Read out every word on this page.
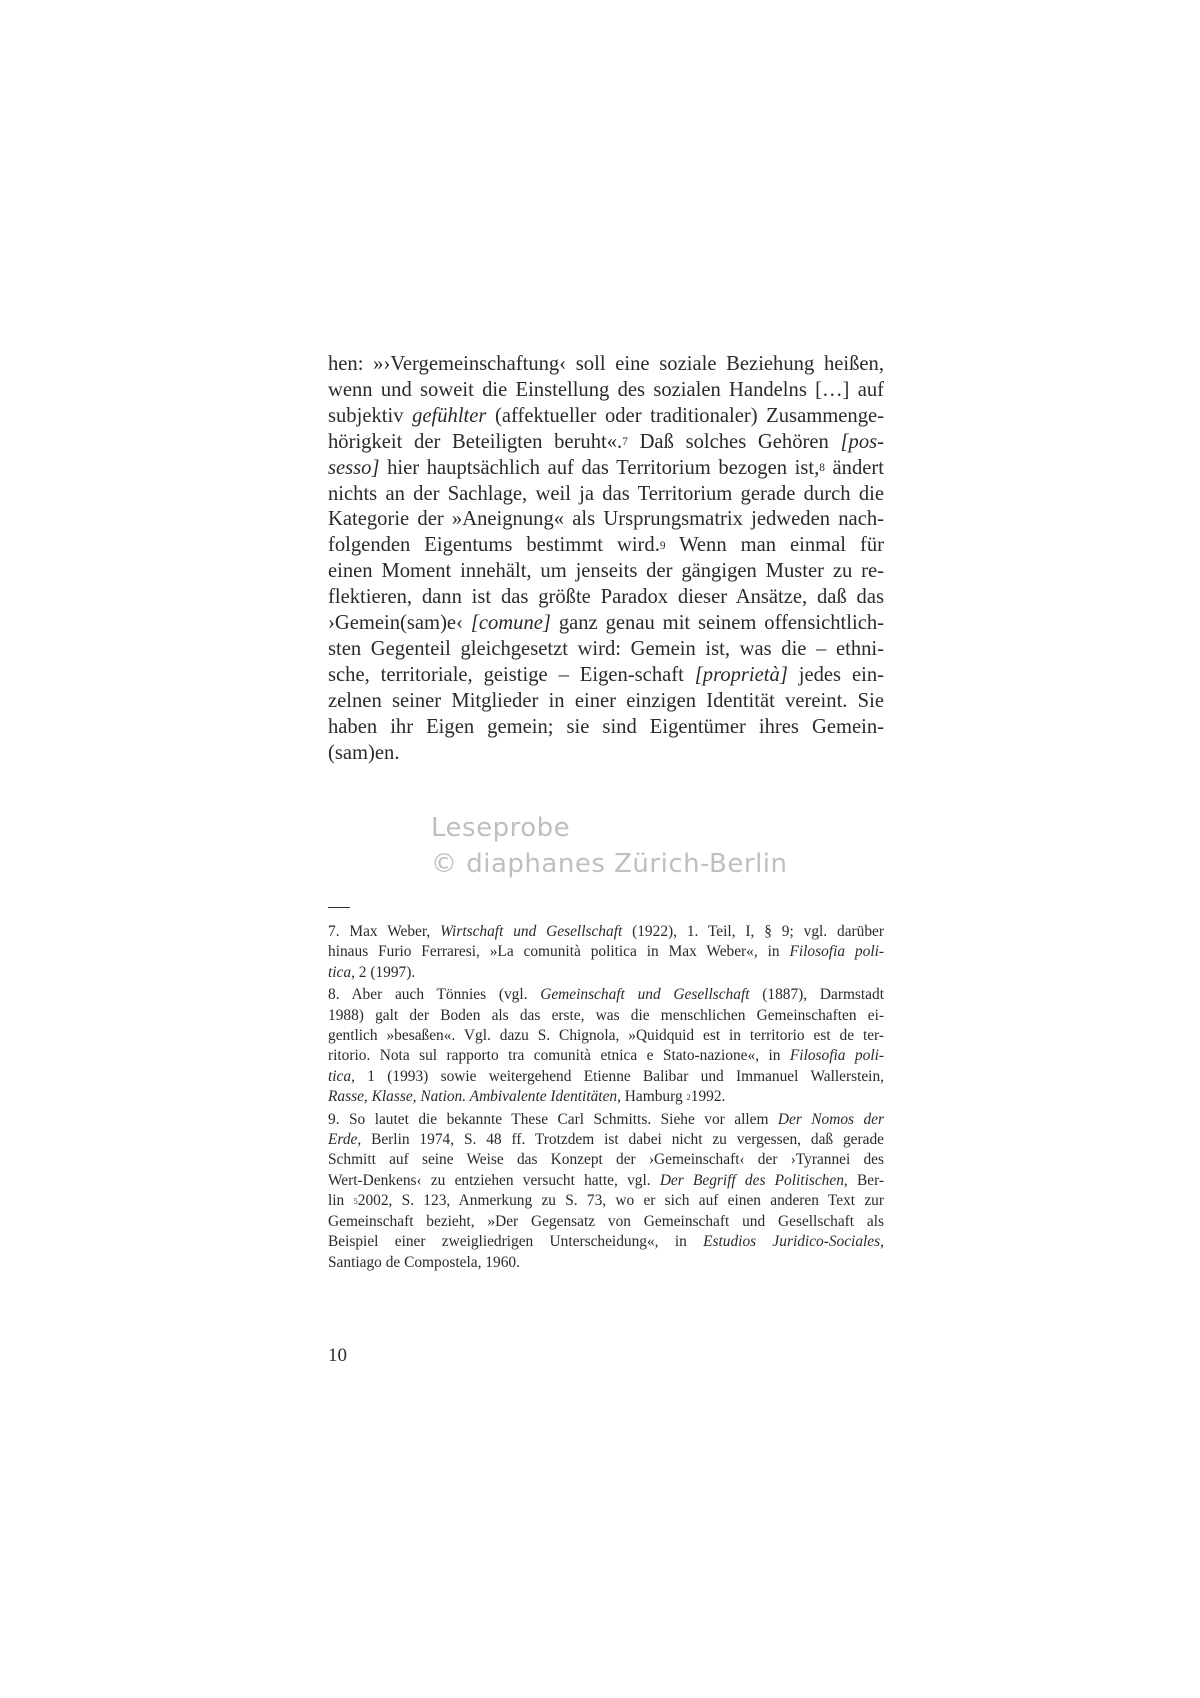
hen: »›Vergemeinschaftung‹ soll eine soziale Beziehung heißen,
wenn und soweit die Einstellung des sozialen Handelns […] auf
subjektiv gefühlter (affektueller oder traditionaler) Zusammenge-
hörigkeit der Beteiligten beruht«.$^7$ Daß solches Gehören [pos-
sesso] hier hauptsächlich auf das Territorium bezogen ist,$^8$ ändert
nichts an der Sachlage, weil ja das Territorium gerade durch die
Kategorie der »Aneignung« als Ursprungsmatrix jedweden nach-
folgenden Eigentums bestimmt wird.$^9$ Wenn man einmal für
einen Moment innehält, um jenseits der gängigen Muster zu re-
flektieren, dann ist das größte Paradox dieser Ansätze, daß das
›Gemein(sam)e‹ [comune] ganz genau mit seinem offensichtlich-
sten Gegenteil gleichgesetzt wird: Gemein ist, was die – ethni-
sche, territoriale, geistige – Eigen-schaft [proprietà] jedes ein-
zelnen seiner Mitglieder in einer einzigen Identität vereint. Sie
haben ihr Eigen gemein; sie sind Eigentümer ihres Gemein-
(sam)en.
Leseprobe
© diaphanes Zürich-Berlin
7. Max Weber, Wirtschaft und Gesellschaft (1922), 1. Teil, I, § 9; vgl. darüber
hinaus Furio Ferraresi, »La comunità politica in Max Weber«, in Filosofia poli-
tica, 2 (1997).
8. Aber auch Tönnies (vgl. Gemeinschaft und Gesellschaft (1887), Darmstadt
1988) galt der Boden als das erste, was die menschlichen Gemeinschaften ei-
gentlich »besaßen«. Vgl. dazu S. Chignola, »Quidquid est in territorio est de ter-
ritorio. Nota sul rapporto tra comunità etnica e Stato-nazione«, in Filosofia poli-
tica, 1 (1993) sowie weitergehend Etienne Balibar und Immanuel Wallerstein,
Rasse, Klasse, Nation. Ambivalente Identitäten, Hamburg $^2$1992.
9. So lautet die bekannte These Carl Schmitts. Siehe vor allem Der Nomos der
Erde, Berlin 1974, S. 48 ff. Trotzdem ist dabei nicht zu vergessen, daß gerade
Schmitt auf seine Weise das Konzept der ›Gemeinschaft‹ der ›Tyrannei des
Wert-Denkens‹ zu entziehen versucht hatte, vgl. Der Begriff des Politischen, Ber-
lin $^5$2002, S. 123, Anmerkung zu S. 73, wo er sich auf einen anderen Text zur
Gemeinschaft bezieht, »Der Gegensatz von Gemeinschaft und Gesellschaft als
Beispiel einer zweigliedrigen Unterscheidung«, in Estudios Juridico-Sociales,
Santiago de Compostela, 1960.
10
